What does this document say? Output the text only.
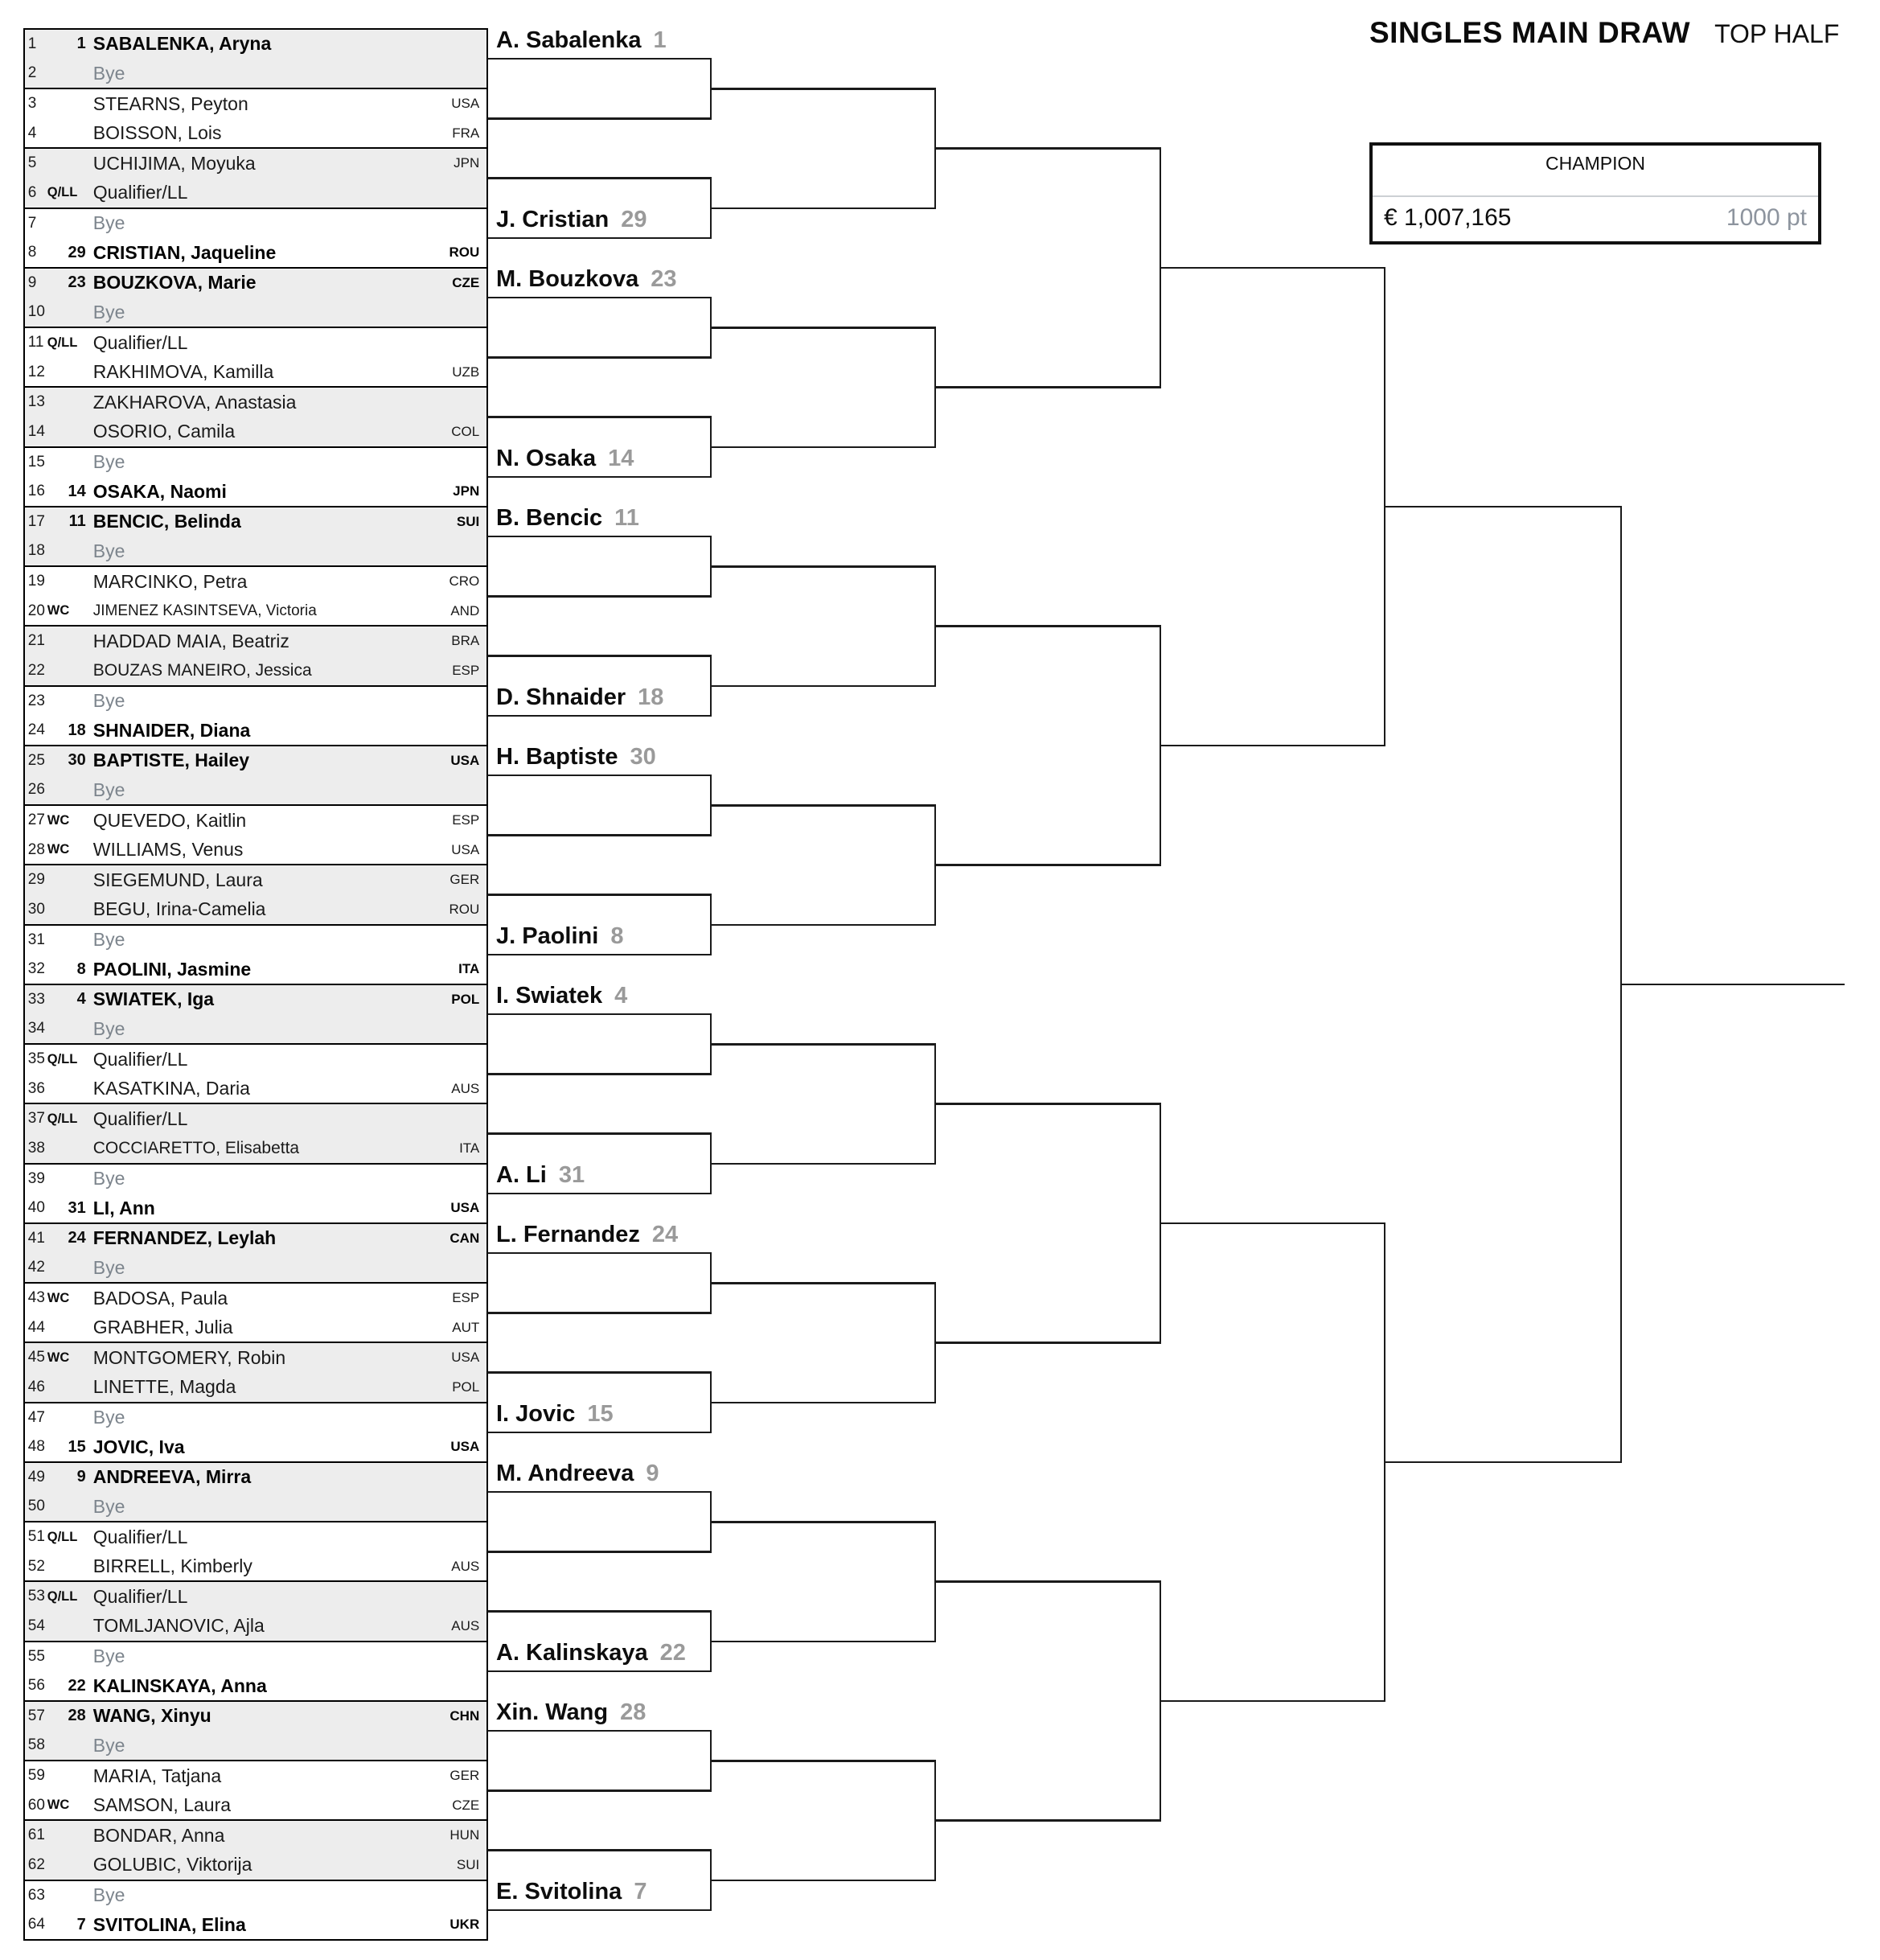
SINGLES MAIN DRAW TOP HALF
CHAMPION
€ 1,007,165	1000 pt
1	1 SABALENKA, Aryna
2	Bye
3	STEARNS, Peyton	USA
4	BOISSON, Lois	FRA
5	UCHIJIMA, Moyuka	JPN
6 Q/LL Qualifier/LL
7	Bye
8	29 CRISTIAN, Jaqueline	ROU
9	23 BOUZKOVA, Marie	CZE
10	Bye
11 Q/LL Qualifier/LL
12	RAKHIMOVA, Kamilla	UZB
13	ZAKHAROVA, Anastasia
14	OSORIO, Camila	COL
15	Bye
16 14 OSAKA, Naomi	JPN
17 11 BENCIC, Belinda	SUI
18	Bye
19	MARCINKO, Petra	CRO
20 WC JIMENEZ KASINTSEVA, Victoria	AND
21	HADDAD MAIA, Beatriz	BRA
22	BOUZAS MANEIRO, Jessica	ESP
23	Bye
24 18 SHNAIDER, Diana
25 30 BAPTISTE, Hailey	USA
26	Bye
27 WC QUEVEDO, Kaitlin	ESP
28 WC WILLIAMS, Venus	USA
29	SIEGEMUND, Laura	GER
30	BEGU, Irina-Camelia	ROU
31	Bye
32 8 PAOLINI, Jasmine	ITA
33 4 SWIATEK, Iga	POL
34	Bye
35 Q/LL Qualifier/LL
36	KASATKINA, Daria	AUS
37 Q/LL Qualifier/LL
38	COCCIARETTO, Elisabetta	ITA
39	Bye
40 31 LI, Ann	USA
41 24 FERNANDEZ, Leylah	CAN
42	Bye
43 WC BADOSA, Paula	ESP
44	GRABHER, Julia	AUT
45 WC MONTGOMERY, Robin	USA
46	LINETTE, Magda	POL
47	Bye
48 15 JOVIC, Iva	USA
49 9 ANDREEVA, Mirra
50	Bye
51 Q/LL Qualifier/LL
52	BIRRELL, Kimberly	AUS
53 Q/LL Qualifier/LL
54	TOMLJANOVIC, Ajla	AUS
55	Bye
56 22 KALINSKAYA, Anna
57 28 WANG, Xinyu	CHN
58	Bye
59	MARIA, Tatjana	GER
60 WC SAMSON, Laura	CZE
61	BONDAR, Anna	HUN
62	GOLUBIC, Viktorija	SUI
63	Bye
64 7 SVITOLINA, Elina	UKR
A. Sabalenka 1
J. Cristian 29
M. Bouzkova 23
N. Osaka 14
B. Bencic 11
D. Shnaider 18
H. Baptiste 30
J. Paolini 8
I. Swiatek 4
A. Li 31
L. Fernandez 24
I. Jovic 15
M. Andreeva 9
A. Kalinskaya 22
Xin. Wang 28
E. Svitolina 7
